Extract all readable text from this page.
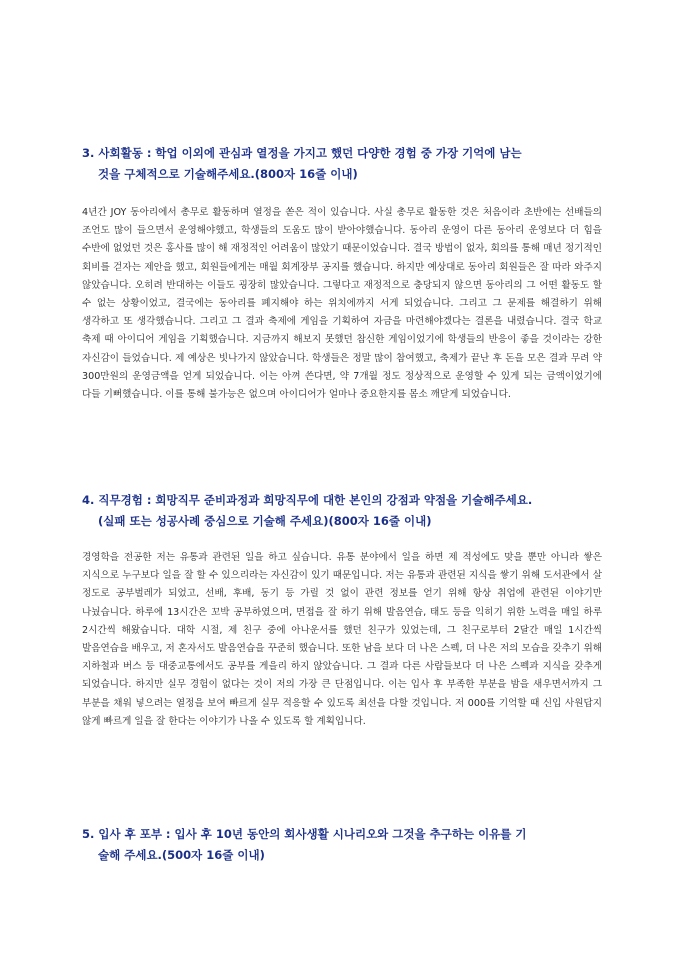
3. 사회활동 : 학업 이외에 관심과 열정을 가지고 했던 다양한 경험 중 가장 기억에 남는
것을 구체적으로 기술해주세요.(800자 16줄 이내)

4년간 JOY 동아리에서 총무로 활동하며 열정을 쏟은 적이 있습니다. 사실 총무로 활동한 것은 처음이라 초반에는 선배들의 조언도 많이 들으면서 운영해야했고, 학생들의 도움도 많이 받아야했습니다. 동아리 운영이 다른 동아리 운영보다 더 힘을 수반에 없었던 것은 홍사를 많이 해 재정적인 어려움이 많았기 때문이었습니다. 결국 방법이 없자, 회의를 통해 매년 정기적인 회비를 걷자는 제안을 했고, 회원들에게는 매월 회계장부 공지를 했습니다. 하지만 예상대로 동아리 회원들은 잘 따라 와주지 않았습니다. 오히려 반대하는 이들도 굉장히 많았습니다. 그렇다고 재정적으로 충당되지 않으면 동아리의 그 어떤 활동도 할 수 없는 상황이었고, 결국에는 동아리를 폐지해야 하는 위치에까지 서게 되었습니다. 그리고 그 문제를 해결하기 위해 생각하고 또 생각했습니다. 그리고 그 결과 축제에 게임을 기획하여 자금을 마련해야겠다는 결론을 내렸습니다. 결국 학교 축제 때 아이디어 게임을 기획했습니다. 지금까지 해보지 못했던 참신한 게임이었기에 학생들의 반응이 좋을 것이라는 강한 자신감이 들었습니다. 제 예상은 빗나가지 않았습니다. 학생들은 정말 많이 참여했고, 축제가 끝난 후 돈을 모은 결과 무려 약 300만원의 운영금액을 얻게 되었습니다. 이는 아껴 쓴다면, 약 7개월 정도 정상적으로 운영할 수 있게 되는 금액이었기에 다들 기뻐했습니다. 이를 통해 불가능은 없으며 아이디어가 얼마나 중요한지를 몸소 깨닫게 되었습니다.

4. 직무경험 : 희망직무 준비과정과 희망직무에 대한 본인의 강점과 약점을 기술해주세요.
(실패 또는 성공사례 중심으로 기술해 주세요)(800자 16줄 이내)

경영학을 전공한 저는 유통과 관련된 일을 하고 싶습니다. 유통 분야에서 일을 하면 제 적성에도 맞을 뿐만 아니라 쌓은 지식으로 누구보다 일을 잘 할 수 있으리라는 자신감이 있기 때문입니다. 저는 유통과 관련된 지식을 쌓기 위해 도서관에서 살 정도로 공부벌레가 되었고, 선배, 후배, 동기 등 가릴 것 없이 관련 정보를 얻기 위해 항상 취업에 관련된 이야기만 나눴습니다. 하루에 13시간은 꼬박 공부하였으며, 면접을 잘 하기 위해 발음연습, 태도 등을 익히기 위한 노력을 매일 하루 2시간씩 해왔습니다. 대학 시절, 제 친구 중에 아나운서를 했던 친구가 있었는데, 그 친구로부터 2달간 매일 1시간씩 발음연습을 배우고, 저 혼자서도 발음연습을 꾸준히 했습니다. 또한 남을 보다 더 나은 스펙, 더 나은 저의 모습을 갖추기 위해 지하철과 버스 등 대중교통에서도 공부를 게을리 하지 않았습니다. 그 결과 다른 사람들보다 더 나은 스펙과 지식을 갖추게 되었습니다. 하지만 실무 경험이 없다는 것이 저의 가장 큰 단점입니다. 이는 입사 후 부족한 부분을 밤을 새우면서까지 그 부분을 채워 넣으려는 열정을 보여 빠르게 실무 적응할 수 있도록 최선을 다할 것입니다. 저 000를 기억할 때 신입 사원답지 않게 빠르게 일을 잘 한다는 이야기가 나올 수 있도록 할 계획입니다.

5. 입사 후 포부 : 입사 후 10년 동안의 회사생활 시나리오와 그것을 추구하는 이유를 기
술해 주세요.(500자 16줄 이내)
